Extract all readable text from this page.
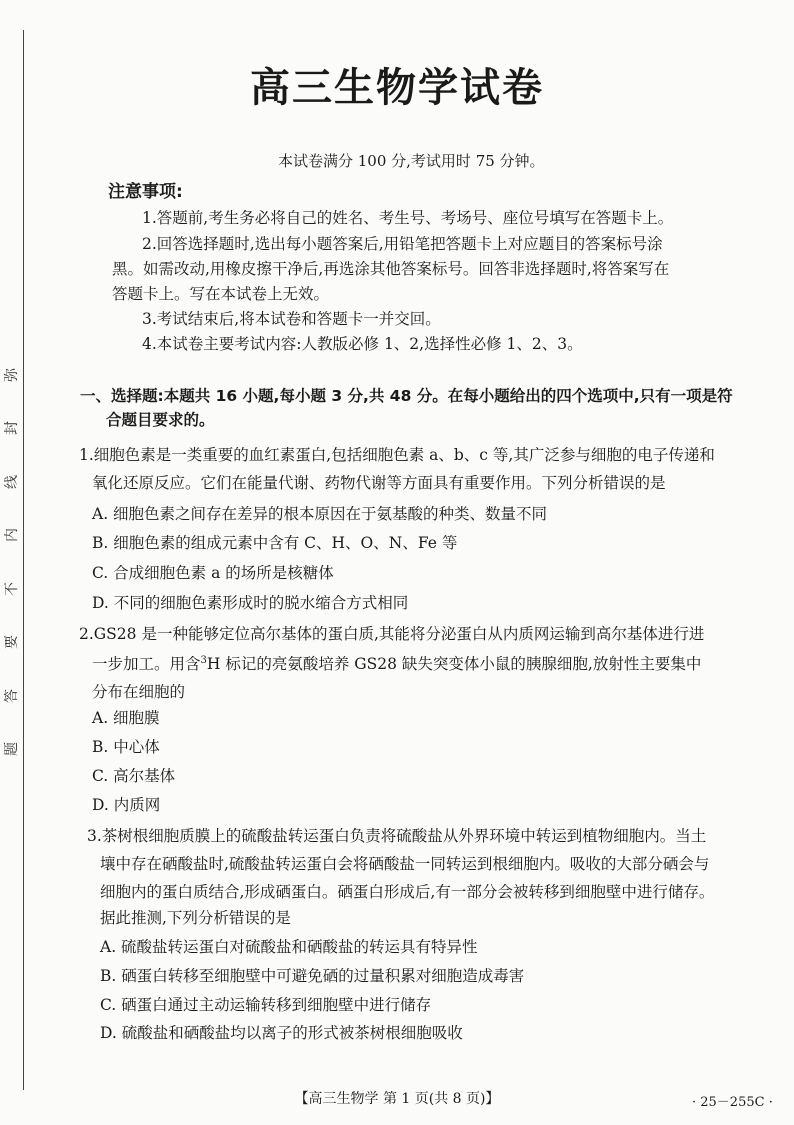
弥
封
线
内
不
要
答
题
高三生物学试卷

本试卷满分 100 分,考试用时 75 分钟。

注意事项:

1.答题前,考生务必将自己的姓名、考生号、考场号、座位号填写在答题卡上。

2.回答选择题时,选出每小题答案后,用铅笔把答题卡上对应题目的答案标号涂

黑。如需改动,用橡皮擦干净后,再选涂其他答案标号。回答非选择题时,将答案写在

答题卡上。写在本试卷上无效。

3.考试结束后,将本试卷和答题卡一并交回。

4.本试卷主要考试内容:人教版必修 1、2,选择性必修 1、2、3。

一、选择题:本题共 16 小题,每小题 3 分,共 48 分。在每小题给出的四个选项中,只有一项是符

合题目要求的。

1.细胞色素是一类重要的血红素蛋白,包括细胞色素 a、b、c 等,其广泛参与细胞的电子传递和

氧化还原反应。它们在能量代谢、药物代谢等方面具有重要作用。下列分析错误的是

A. 细胞色素之间存在差异的根本原因在于氨基酸的种类、数量不同

B. 细胞色素的组成元素中含有 C、H、O、N、Fe 等

C. 合成细胞色素 a 的场所是核糖体

D. 不同的细胞色素形成时的脱水缩合方式相同

2.GS28 是一种能够定位高尔基体的蛋白质,其能将分泌蛋白从内质网运输到高尔基体进行进

一步加工。用含$^3$H 标记的亮氨酸培养 GS28 缺失突变体小鼠的胰腺细胞,放射性主要集中

分布在细胞的

A. 细胞膜

B. 中心体

C. 高尔基体

D. 内质网

3.茶树根细胞质膜上的硫酸盐转运蛋白负责将硫酸盐从外界环境中转运到植物细胞内。当土

壤中存在硒酸盐时,硫酸盐转运蛋白会将硒酸盐一同转运到根细胞内。吸收的大部分硒会与

细胞内的蛋白质结合,形成硒蛋白。硒蛋白形成后,有一部分会被转移到细胞壁中进行储存。

据此推测,下列分析错误的是

A. 硫酸盐转运蛋白对硫酸盐和硒酸盐的转运具有特异性

B. 硒蛋白转移至细胞壁中可避免硒的过量积累对细胞造成毒害

C. 硒蛋白通过主动运输转移到细胞壁中进行储存

D. 硫酸盐和硒酸盐均以离子的形式被茶树根细胞吸收

【高三生物学 第 1 页(共 8 页)】	· 25－255C ·
